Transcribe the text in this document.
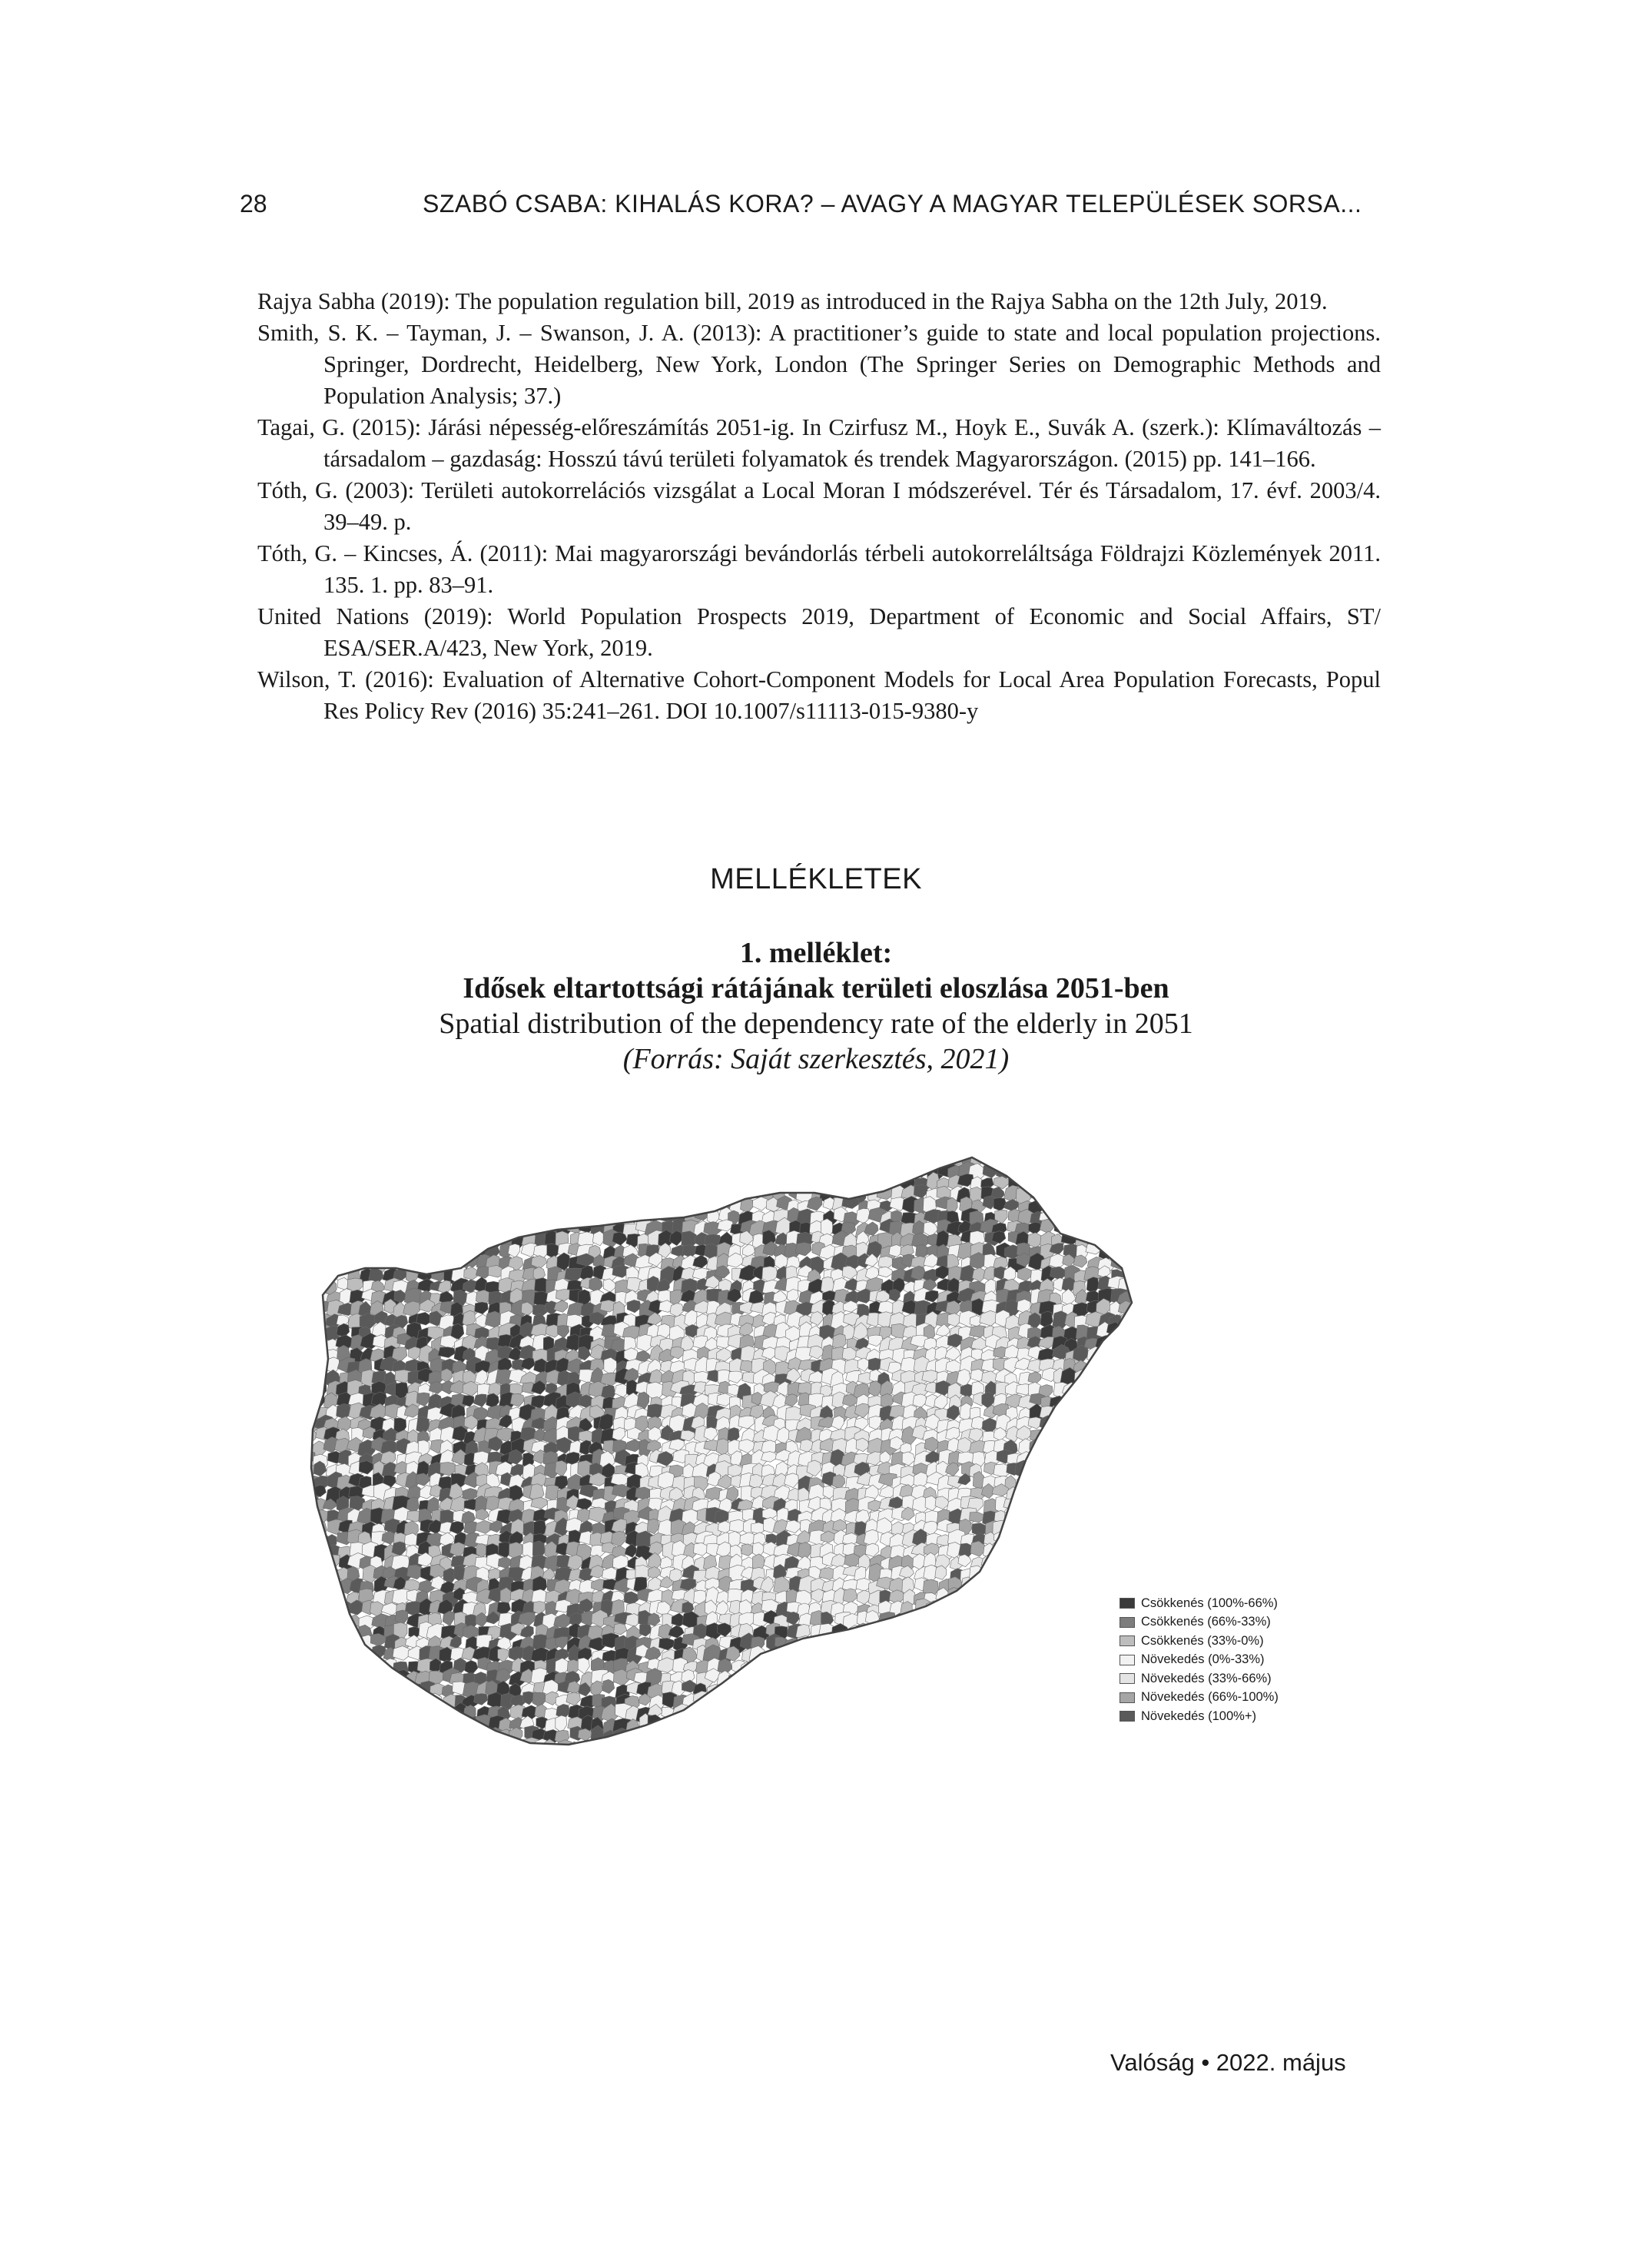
28	SZABÓ CSABA: KIHALÁS KORA? – AVAGY A MAGYAR TELEPÜLÉSEK SORSA...

Rajya Sabha (2019): The population regulation bill, 2019 as introduced in the Rajya Sabha on the 12th July, 2019.

Smith, S. K. – Tayman, J. – Swanson, J. A. (2013): A practitioner’s guide to state and local population projections. Springer, Dordrecht, Heidelberg, New York, London (The Springer Series on Demographic Methods and Population Analysis; 37.)

Tagai, G. (2015): Járási népesség-előreszámítás 2051-ig. In Czirfusz M., Hoyk E., Suvák A. (szerk.): Klímaváltozás – társadalom – gazdaság: Hosszú távú területi folyamatok és trendek Magyarországon. (2015) pp. 141–166.

Tóth, G. (2003): Területi autokorrelációs vizsgálat a Local Moran I módszerével. Tér és Társadalom, 17. évf. 2003/4. 39–49. p.

Tóth, G. – Kincses, Á. (2011): Mai magyarországi bevándorlás térbeli autokorreláltsága Földrajzi Közlemények 2011. 135. 1. pp. 83–91.

United Nations (2019): World Population Prospects 2019, Department of Economic and Social Affairs, ST/ ESA/SER.A/423, New York, 2019.

Wilson, T. (2016): Evaluation of Alternative Cohort-Component Models for Local Area Population Forecasts, Popul Res Policy Rev (2016) 35:241–261. DOI 10.1007/s11113-015-9380-y

MELLÉKLETEK
1. melléklet:
Idősek eltartottsági rátájának területi eloszlása 2051-ben
Spatial distribution of the dependency rate of the elderly in 2051
(Forrás: Saját szerkesztés, 2021)
Csökkenés (100%-66%)
Csökkenés (66%-33%)
Csökkenés (33%-0%)
Növekedés (0%-33%)
Növekedés (33%-66%)
Növekedés (66%-100%)
Növekedés (100%+)
Valóság • 2022. május
